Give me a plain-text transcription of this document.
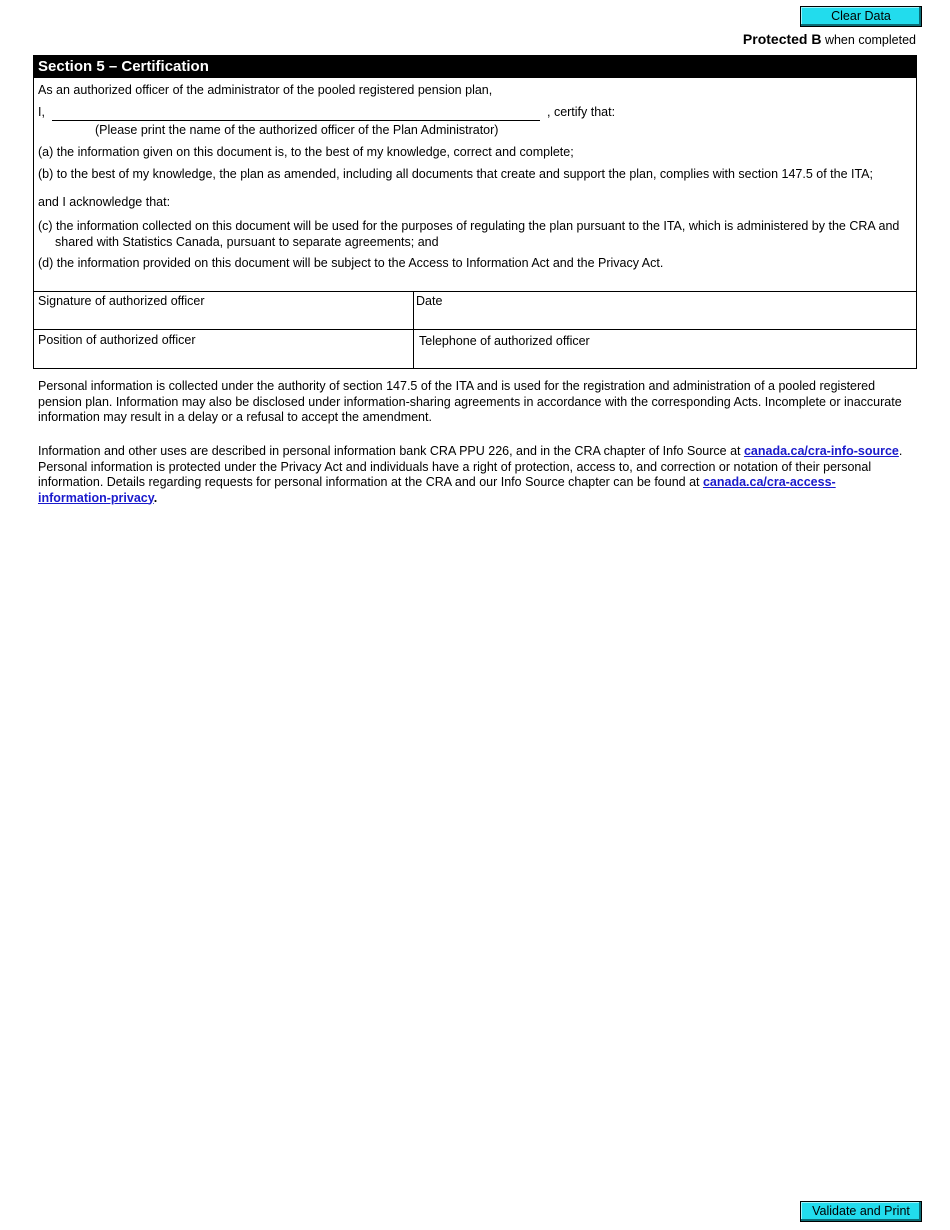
Clear Data
Protected B when completed
Section 5 – Certification
As an authorized officer of the administrator of the pooled registered pension plan,
I,	, certify that:
(Please print the name of the authorized officer of the Plan Administrator)
(a) the information given on this document is, to the best of my knowledge, correct and complete;
(b) to the best of my knowledge, the plan as amended, including all documents that create and support the plan, complies with section 147.5 of the ITA;
and I acknowledge that:
(c) the information collected on this document will be used for the purposes of regulating the plan pursuant to the ITA, which is administered by the CRA and
shared with Statistics Canada, pursuant to separate agreements; and
(d) the information provided on this document will be subject to the Access to Information Act and the Privacy Act.
Signature of authorized officer	Date
Position of authorized officer	Telephone of authorized officer
Personal information is collected under the authority of section 147.5 of the ITA and is used for the registration and administration of a pooled registered pension plan. Information may also be disclosed under information-sharing agreements in accordance with the corresponding Acts. Incomplete or inaccurate information may result in a delay or a refusal to accept the amendment.
Information and other uses are described in personal information bank CRA PPU 226, and in the CRA chapter of Info Source at canada.ca/cra-info-source. Personal information is protected under the Privacy Act and individuals have a right of protection, access to, and correction or notation of their personal information. Details regarding requests for personal information at the CRA and our Info Source chapter can be found at canada.ca/cra-access-information-privacy.
Validate and Print
